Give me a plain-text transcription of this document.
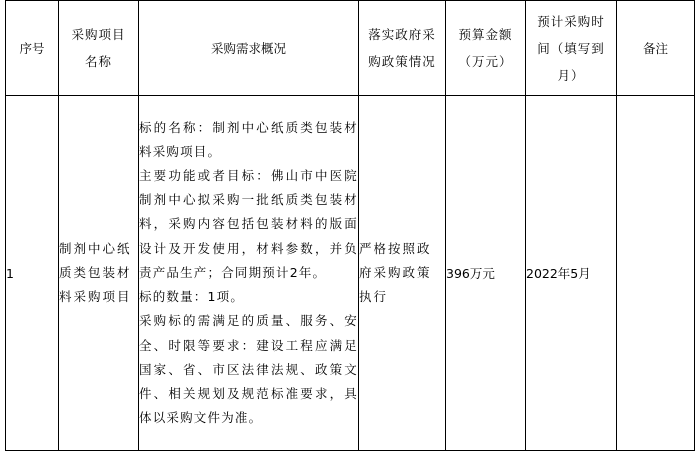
序号	采购项目名称	采购需求概况	落实政府采购政策情况	预算金额（万元）	预计采购时间（填写到月）	备注
1	制剂中心纸质类包装材料采购项目	标的名称：制剂中心纸质类包装材料采购项目。

主要功能或者目标：佛山市中医院制剂中心拟采购一批纸质类包装材料，采购内容包括包装材料的版面设计及开发使用，材料参数，并负责产品生产；合同期预计2年。

标的数量：1项。

采购标的需满足的质量、服务、安全、时限等要求：建设工程应满足国家、省、市区法律法规、政策文件、相关规划及规范标准要求，具体以采购文件为准。	严格按照政府采购政策执行	396万元	2022年5月	
